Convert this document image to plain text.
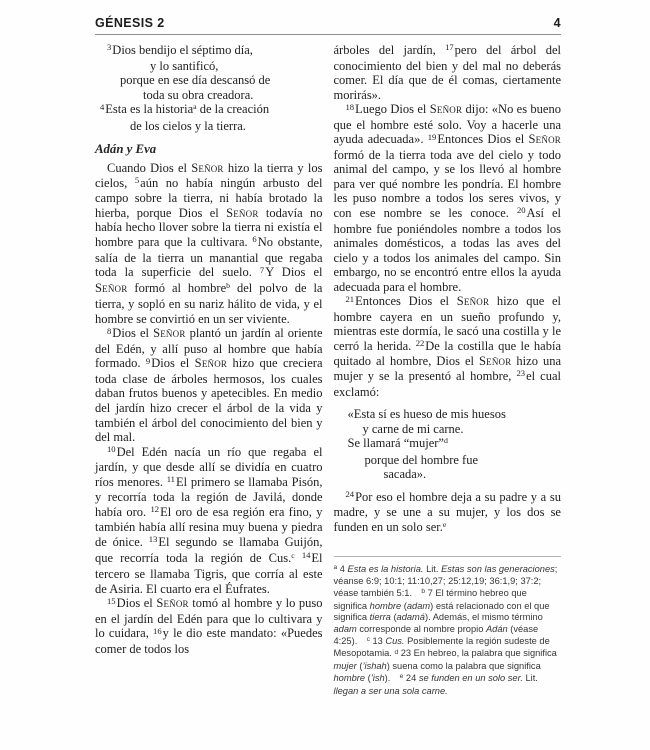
GÉNESIS 2	4
$^3$Dios bendijo el séptimo día,
y lo santificó,
porque en ese día descansó de
toda su obra creadora.
$^4$Esta es la historia$^a$ de la creación
de los cielos y la tierra.
Adán y Eva

Cuando Dios el Señor hizo la tierra y los cielos, $^5$aún no había ningún arbusto del campo sobre la tierra, ni había brotado la hierba, porque Dios el Señor todavía no había hecho llover sobre la tierra ni existía el hombre para que la cultivara. $^6$No obstante, salía de la tierra un manantial que regaba toda la superficie del suelo. $^7$Y Dios el Señor formó al hombre$^b$ del polvo de la tierra, y sopló en su nariz hálito de vida, y el hombre se convirtió en un ser viviente.

$^8$Dios el Señor plantó un jardín al oriente del Edén, y allí puso al hombre que había formado. $^9$Dios el Señor hizo que creciera toda clase de árboles hermosos, los cuales daban frutos buenos y apetecibles. En medio del jardín hizo crecer el árbol de la vida y también el árbol del conocimiento del bien y del mal.

$^{10}$Del Edén nacía un río que regaba el jardín, y que desde allí se dividía en cuatro ríos menores. $^{11}$El primero se llamaba Pisón, y recorría toda la región de Javilá, donde había oro. $^{12}$El oro de esa región era fino, y también había allí resina muy buena y piedra de ónice. $^{13}$El segundo se llamaba Guijón, que recorría toda la región de Cus.$^c$ $^{14}$El tercero se llamaba Tigris, que corría al este de Asiria. El cuarto era el Éufrates.

$^{15}$Dios el Señor tomó al hombre y lo puso en el jardín del Edén para que lo cultivara y lo cuidara, $^{16}$y le dio este mandato: «Puedes comer de todos los

árboles del jardín, $^{17}$pero del árbol del conocimiento del bien y del mal no deberás comer. El día que de él comas, ciertamente morirás».

$^{18}$Luego Dios el Señor dijo: «No es bueno que el hombre esté solo. Voy a hacerle una ayuda adecuada». $^{19}$Entonces Dios el Señor formó de la tierra toda ave del cielo y todo animal del campo, y se los llevó al hombre para ver qué nombre les pondría. El hombre les puso nombre a todos los seres vivos, y con ese nombre se les conoce. $^{20}$Así el hombre fue poniéndoles nombre a todos los animales domésticos, a todas las aves del cielo y a todos los animales del campo. Sin embargo, no se encontró entre ellos la ayuda adecuada para el hombre.

$^{21}$Entonces Dios el Señor hizo que el hombre cayera en un sueño profundo y, mientras este dormía, le sacó una costilla y le cerró la herida. $^{22}$De la costilla que le había quitado al hombre, Dios el Señor hizo una mujer y se la presentó al hombre, $^{23}$el cual exclamó:

«Esta sí es hueso de mis huesos
y carne de mi carne.
Se llamará “mujer”$^d$
porque del hombre fue
sacada».

$^{24}$Por eso el hombre deja a su padre y a su madre, y se une a su mujer, y los dos se funden en un solo ser.$^e$

$^a$ 4 Esta es la historia. Lit. Estas son las generaciones; véanse 6:9; 10:1; 11:10,27; 25:12,19; 36:1,9; 37:2; véase también 5:1. $^b$ 7 El término hebreo que significa hombre (adam) está relacionado con el que significa tierra (adamá). Además, el mismo término adam corresponde al nombre propio Adán (véase 4:25). $^c$ 13 Cus. Posiblemente la región sudeste de Mesopotamia. $^d$ 23 En hebreo, la palabra que significa mujer (’ishah) suena como la palabra que significa hombre (’ish). $^e$ 24 se funden en un solo ser. Lit. llegan a ser una sola carne.
